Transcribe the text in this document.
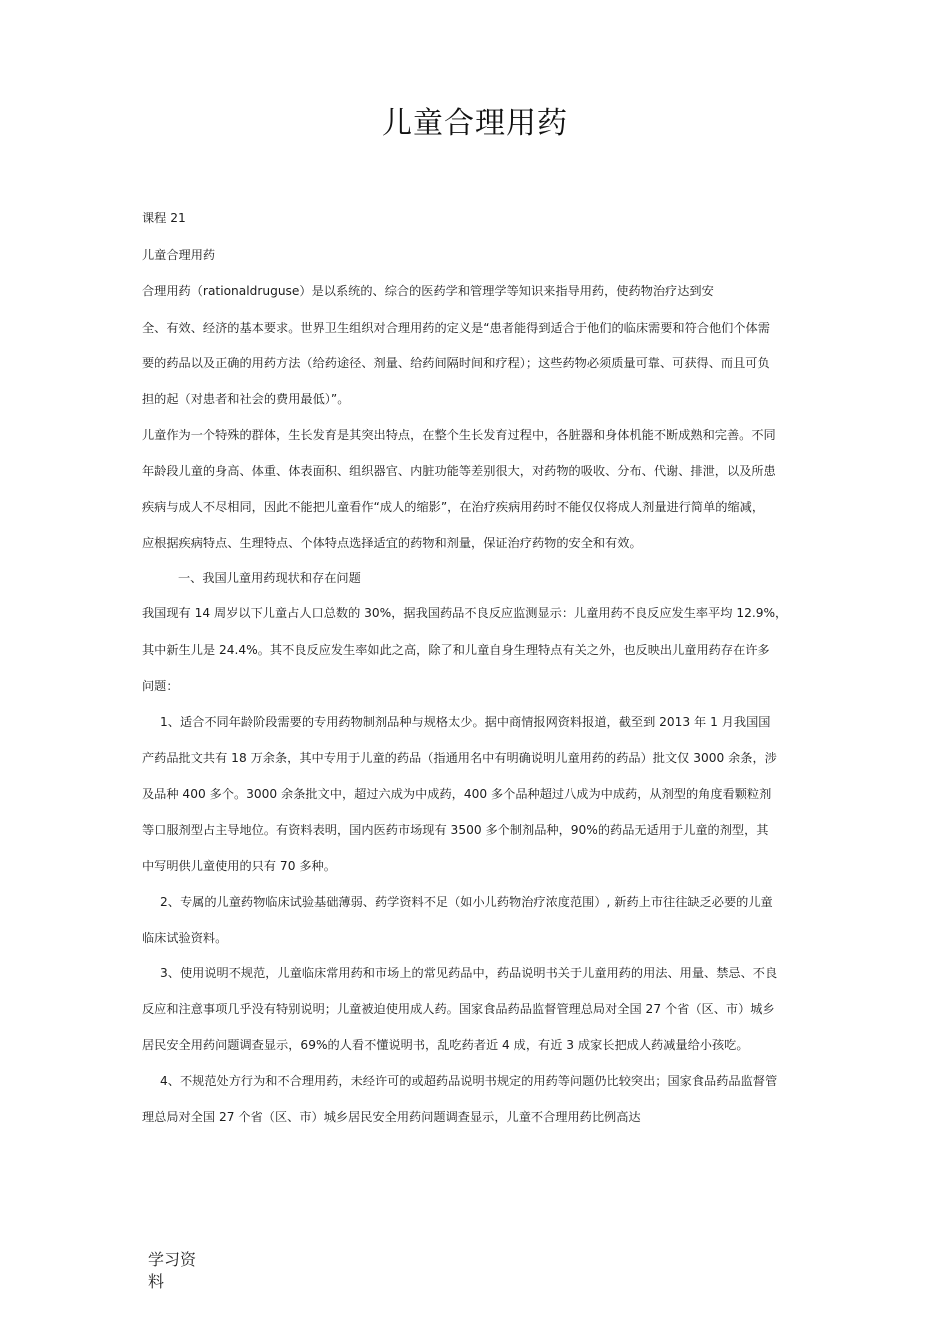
儿童合理用药
课程 21
儿童合理用药
合理用药（rationaldruguse）是以系统的、综合的医药学和管理学等知识来指导用药，使药物治疗达到安
全、有效、经济的基本要求。世界卫生组织对合理用药的定义是“患者能得到适合于他们的临床需要和符合他们个体需
要的药品以及正确的用药方法（给药途径、剂量、给药间隔时间和疗程）；这些药物必须质量可靠、可获得、而且可负
担的起（对患者和社会的费用最低）”。
儿童作为一个特殊的群体，生长发育是其突出特点，在整个生长发育过程中，各脏器和身体机能不断成熟和完善。不同
年龄段儿童的身高、体重、体表面积、组织器官、内脏功能等差别很大，对药物的吸收、分布、代谢、排泄，以及所患
疾病与成人不尽相同，因此不能把儿童看作“成人的缩影”，在治疗疾病用药时不能仅仅将成人剂量进行简单的缩减，
应根据疾病特点、生理特点、个体特点选择适宜的药物和剂量，保证治疗药物的安全和有效。
一、我国儿童用药现状和存在问题
我国现有 14 周岁以下儿童占人口总数的 30%，据我国药品不良反应监测显示：儿童用药不良反应发生率平均 12.9%，
其中新生儿是 24.4%。其不良反应发生率如此之高，除了和儿童自身生理特点有关之外，也反映出儿童用药存在许多
问题：
1、适合不同年龄阶段需要的专用药物制剂品种与规格太少。据中商情报网资料报道，截至到 2013 年 1 月我国国
产药品批文共有 18 万余条，其中专用于儿童的药品（指通用名中有明确说明儿童用药的药品）批文仅 3000 余条，涉
及品种 400 多个。3000 余条批文中，超过六成为中成药，400 多个品种超过八成为中成药，从剂型的角度看颗粒剂
等口服剂型占主导地位。有资料表明，国内医药市场现有 3500 多个制剂品种，90%的药品无适用于儿童的剂型，其
中写明供儿童使用的只有 70 多种。
2、专属的儿童药物临床试验基础薄弱、药学资料不足（如小儿药物治疗浓度范围）, 新药上市往往缺乏必要的儿童
临床试验资料。
3、使用说明不规范，儿童临床常用药和市场上的常见药品中，药品说明书关于儿童用药的用法、用量、禁忌、不良
反应和注意事项几乎没有特别说明；儿童被迫使用成人药。国家食品药品监督管理总局对全国 27 个省（区、市）城乡
居民安全用药问题调查显示，69%的人看不懂说明书，乱吃药者近 4 成，有近 3 成家长把成人药减量给小孩吃。
4、不规范处方行为和不合理用药，未经许可的或超药品说明书规定的用药等问题仍比较突出；国家食品药品监督管
理总局对全国 27 个省（区、市）城乡居民安全用药问题调查显示，儿童不合理用药比例高达
学习资
料
